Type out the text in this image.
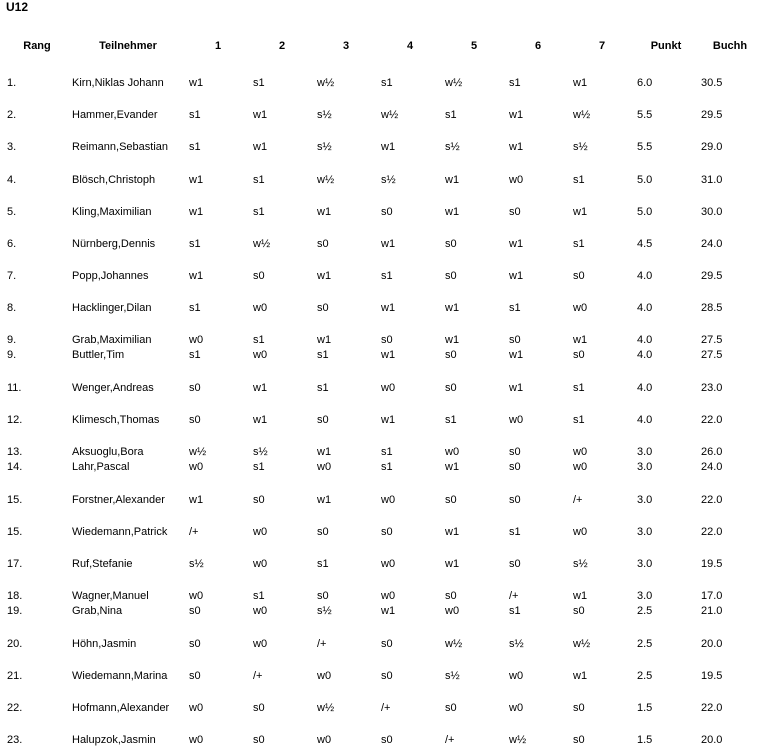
U12
Rang	Teilnehmer	1	2	3	4	5	6	7	Punkt	Buchh
1.	Kirn,Niklas Johann w1	s1	w½	s1	w½	s1	w1	6.0	30.5
2.	Hammer,Evander	s1	w1	s½	w½	s1	w1	w½	5.5	29.5
3.	Reimann,Sebastian s1	w1	s½	w1	s½	w1	s½	5.5	29.0
4.	Blösch,Christoph	w1	s1	w½	s½	w1	w0	s1	5.0	31.0
5.	Kling,Maximilian	w1	s1	w1	s0	w1	s0	w1	5.0	30.0
6.	Nürnberg,Dennis	s1	w½	s0	w1	s0	w1	s1	4.5	24.0
7.	Popp,Johannes	w1	s0	w1	s1	s0	w1	s0	4.0	29.5
8.	Hacklinger,Dilan	s1	w0	s0	w1	w1	s1	w0	4.0	28.5
9.	Grab,Maximilian	w0	s1	w1	s0	w1	s0	w1	4.0	27.5
9.	Buttler,Tim	s1	w0	s1	w1	s0	w1	s0	4.0	27.5
11.	Wenger,Andreas	s0	w1	s1	w0	s0	w1	s1	4.0	23.0
12.	Klimesch,Thomas	s0	w1	s0	w1	s1	w0	s1	4.0	22.0
13.	Aksuoglu,Bora	w½	s½	w1	s1	w0	s0	w0	3.0	26.0
14.	Lahr,Pascal	w0	s1	w0	s1	w1	s0	w0	3.0	24.0
15.	Forstner,Alexander w1	s0	w1	w0	s0	s0	/+	3.0	22.0
15.	Wiedemann,Patrick /+	w0	s0	s0	w1	s1	w0	3.0	22.0
17.	Ruf,Stefanie	s½	w0	s1	w0	w1	s0	s½	3.0	19.5
18.	Wagner,Manuel	w0	s1	s0	w0	s0	/+	w1	3.0	17.0
19.	Grab,Nina	s0	w0	s½	w1	w0	s1	s0	2.5	21.0
20.	Höhn,Jasmin	s0	w0	/+	s0	w½	s½	w½	2.5	20.0
21.	Wiedemann,Marina s0	/+	w0	s0	s½	w0	w1	2.5	19.5
22.	Hofmann,Alexander w0	s0	w½	/+	s0	w0	s0	1.5	22.0
23.	Halupzok,Jasmin	w0	s0	w0	s0	/+	w½	s0	1.5	20.0
